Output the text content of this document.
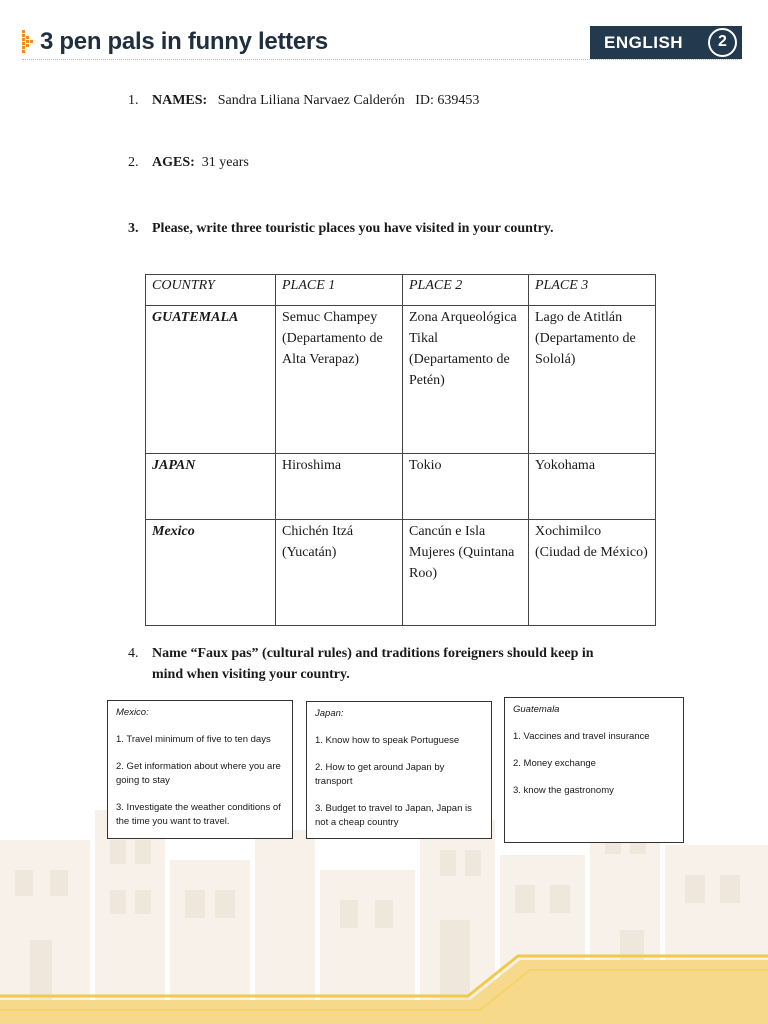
3 pen pals in funny letters	ENGLISH	2
1. NAMES: Sandra Liliana Narvaez Calderón   ID: 639453
2. AGES: 31 years
3. Please, write three touristic places you have visited in your country.
COUNTRY	PLACE 1	PLACE 2	PLACE 3
GUATEMALA	Semuc Champey (Departamento de Alta Verapaz)	Zona Arqueológica Tikal (Departamento de Petén)	Lago de Atitlán (Departamento de Sololá)
JAPAN	Hiroshima	Tokio	Yokohama
Mexico	Chichén Itzá (Yucatán)	Cancún e Isla Mujeres (Quintana Roo)	Xochimilco (Ciudad de México)
4. Name “Faux pas” (cultural rules) and traditions foreigners should keep in
mind when visiting your country.
Mexico:
1. Travel minimum of five to ten days
2. Get information about where you are going to stay
3. Investigate the weather conditions of the time you want to travel.
Japan:
1. Know how to speak Portuguese
2. How to get around Japan by transport
3. Budget to travel to Japan, Japan is not a cheap country
Guatemala
1. Vaccines and travel insurance
2. Money exchange
3. know the gastronomy
